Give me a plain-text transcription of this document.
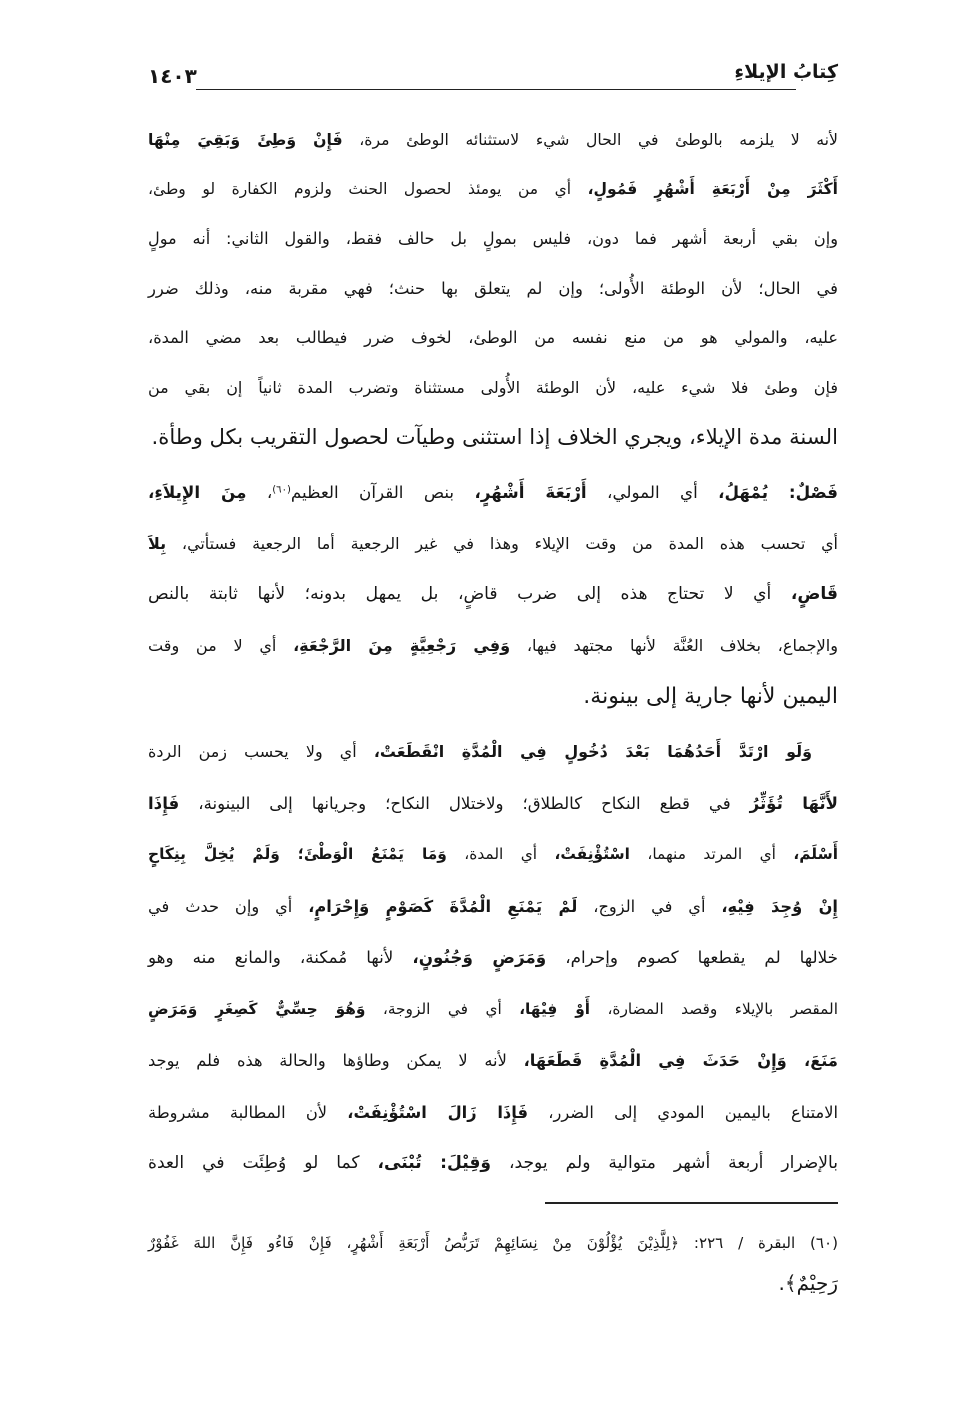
كِتابُ الإيلاءِ
١٤٠٣
لأنه لا يلزمه بالوطئ في الحال شيء لاستثنائه الوطئ مرة، فَإِنْ وَطِئَ وَبَقِيَ مِنْهَا
أَكْثَرَ مِنْ أَرْبَعَةِ أَشْهُرٍ فَمُولٍ، أي من يومئذ لحصول الحنث ولزوم الكفارة لو وطئ،
وإن بقي أربعة أشهر فما دون، فليس بمولٍ بل حالف فقط، والقول الثاني: أنه مولٍ
في الحال؛ لأن الوطئة الأُولى؛ وإن لم يتعلق بها حنث؛ فهي مقربة منه، وذلك ضرر
عليه، والمولي هو من منع نفسه من الوطئ، لخوف ضرر فيطالب بعد مضي المدة،
فإن وطئ فلا شيء عليه، لأن الوطئة الأُولى مستثناة وتضرب المدة ثانياً إن بقي من
السنة مدة الإيلاء، ويجري الخلاف إذا استثنى وطيآت لحصول التقريب بكل وطأة.
فَصْلٌ: يُمْهَلُ، أي المولي، أَرْبَعَةَ أَشْهُرٍ، بنص القرآن العظيم$^{(٦٠)}$، مِنَ الإِيلاَءِ،
أي تحسب هذه المدة من وقت الإيلاء وهذا في غير الرجعية أما الرجعية فستأتي، بِلاَ
قَاضٍ، أي لا تحتاج هذه إلى ضرب قاضٍ، بل يمهل بدونه؛ لأنها ثابتة بالنص
والإجماع، بخلاف العُنَّة لأنها مجتهد فيها، وَفِي رَجْعِيَّةٍ مِنَ الرَّجْعَةِ، أي لا من وقت
اليمين لأنها جارية إلى بينونة.
وَلَو ارْتَدَّ أَحَدُهُمَا بَعْدَ دُخُولٍ فِي الْمُدَّةِ انْقَطَعَتْ، أي ولا يحسب زمن الردة
لأَنَّهَا تُؤَثِّرُ في قطع النكاح كالطلاق؛ ولاختلال النكاح؛ وجريانها إلى البينونة، فَإِذَا
أَسْلَمَ، أي المرتد منهما، اسْتُؤْنِفَتْ، أي المدة، وَمَا يَمْنَعُ الْوَطْئَ؛ وَلَمْ يُخِلَّ بِنِكَاحٍ
إِنْ وُجِدَ فِيْهِ، أي في الزوج، لَمْ يَمْنَعِ الْمُدَّةَ كَصَوْمٍ وَإِحْرَامٍ، أي وإن حدث في
خلالها لم يقطعها كصوم وإحرام، وَمَرَضٍ وَجُنُونٍ، لأنها مُمكنة، والمانع منه وهو
المقصر بالإيلاء وقصد المضارة، أَوْ فِيْهَا، أي في الزوجة، وَهُوَ حِسِّيٌّ كَصِغَرٍ وَمَرَضٍ
مَنَعَ، وَإِنْ حَدَثَ فِي الْمُدَّةِ قَطَعَهَا، لأنه لا يمكن وطاؤها والحالة هذه فلم يوجد
الامتناع باليمين المودي إلى الضرر، فَإِذَا زَالَ اسْتُؤْنِفَتْ، لأن المطالبة مشروطة
بالإضرار أربعة أشهر متوالية ولم يوجد، وَقِيْلَ: تُبْنَى، كما لو وُطِئَت في العدة
(٦٠) البقرة / ٢٢٦: ﴿لِلَّذِيْنَ يُؤْلُوْنَ مِنْ نِسَائِهِمْ تَرَبُّصُ أَرْبَعَةِ أَشْهُرٍ، فَإِنْ فَاءُو فَإِنَّ اللهَ غَفُوْرٌ
رَحِيْمٌ﴾.
